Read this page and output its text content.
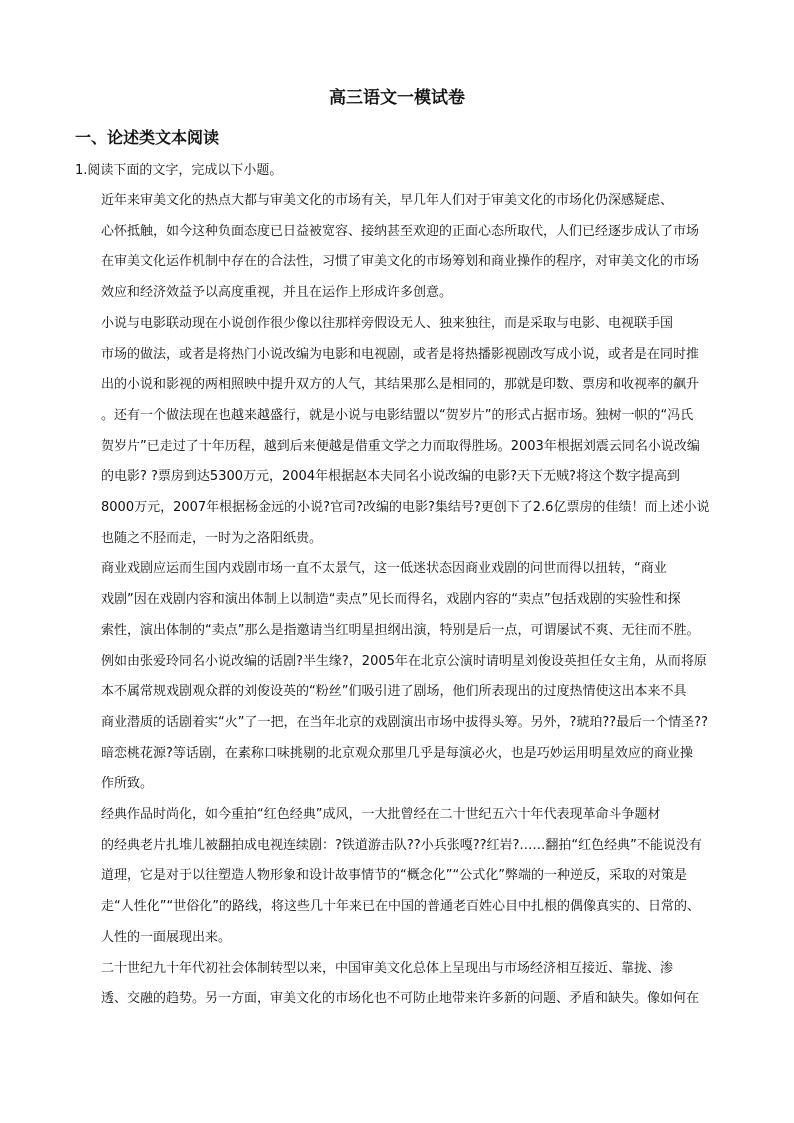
高三语文一模试卷
一、论述类文本阅读
1.阅读下面的文字，完成以下小题。

近年来审美文化的热点大都与审美文化的市场有关，早几年人们对于审美文化的市场化仍深感疑虑、
心怀抵触，如今这种负面态度已日益被宽容、接纳甚至欢迎的正面心态所取代，人们已经逐步成认了市场
在审美文化运作机制中存在的合法性，习惯了审美文化的市场筹划和商业操作的程序，对审美文化的市场
效应和经济效益予以高度重视，并且在运作上形成许多创意。

小说与电影联动现在小说创作很少像以往那样旁假设无人、独来独往，而是采取与电影、电视联手国
市场的做法，或者是将热门小说改编为电影和电视剧，或者是将热播影视剧改写成小说，或者是在同时推
出的小说和影视的两相照映中提升双方的人气，其结果那么是相同的，那就是印数、票房和收视率的飙升
。还有一个做法现在也越来越盛行，就是小说与电影结盟以“贺岁片”的形式占据市场。独树一帜的“冯氏
贺岁片”已走过了十年历程，越到后来便越是借重文学之力而取得胜场。2003年根据刘震云同名小说改编
的电影? ?票房到达5300万元，2004年根据赵本夫同名小说改编的电影?天下无贼?将这个数字提高到
8000万元，2007年根据杨金远的小说?官司?改编的电影?集结号?更创下了2.6亿票房的佳绩！而上述小说
也随之不胫而走，一时为之洛阳纸贵。

商业戏剧应运而生国内戏剧市场一直不太景气，这一低迷状态因商业戏剧的问世而得以扭转，“商业
戏剧”因在戏剧内容和演出体制上以制造“卖点”见长而得名，戏剧内容的“卖点”包括戏剧的实验性和探
索性，演出体制的“卖点”那么是指邀请当红明星担纲出演，特别是后一点，可谓屡试不爽、无往而不胜。
例如由张爱玲同名小说改编的话剧?半生缘?，2005年在北京公演时请明星刘俊设英担任女主角，从而将原
本不属常规戏剧观众群的刘俊设英的“粉丝”们吸引进了剧场，他们所表现出的过度热情使这出本来不具
商业潜质的话剧着实“火”了一把，在当年北京的戏剧演出市场中拔得头筹。另外，?琥珀??最后一个情圣??
暗恋桃花源?等话剧，在素称口味挑剔的北京观众那里几乎是每演必火，也是巧妙运用明星效应的商业操
作所致。

经典作品时尚化，如今重拍“红色经典”成风，一大批曾经在二十世纪五六十年代表现革命斗争题材
的经典老片扎堆儿被翻拍成电视连续剧：?铁道游击队??小兵张嘎??红岩?……翻拍“红色经典”不能说没有
道理，它是对于以往塑造人物形象和设计故事情节的“概念化”“公式化”弊端的一种逆反，采取的对策是
走“人性化”“世俗化”的路线，将这些几十年来已在中国的普通老百姓心目中扎根的偶像真实的、日常的、
人性的一面展现出来。

二十世纪九十年代初社会体制转型以来，中国审美文化总体上呈现出与市场经济相互接近、靠拢、渗
透、交融的趋势。另一方面，审美文化的市场化也不可防止地带来许多新的问题、矛盾和缺失。像如何在
